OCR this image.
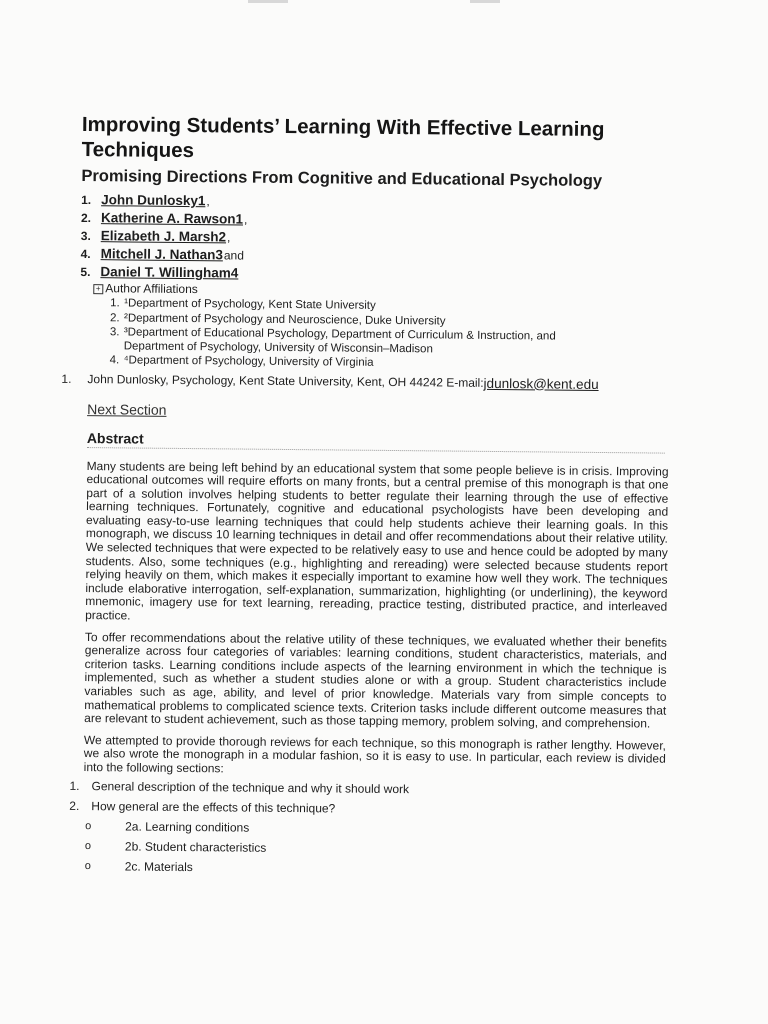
Improving Students’ Learning With Effective Learning Techniques
Promising Directions From Cognitive and Educational Psychology
1. John Dunlosky1 ,
2. Katherine A. Rawson1 ,
3. Elizabeth J. Marsh2 ,
4. Mitchell J. Nathan3 and
5. Daniel T. Willingham4
+ Author Affiliations
1. ¹Department of Psychology, Kent State University
2. ²Department of Psychology and Neuroscience, Duke University
3. ³Department of Educational Psychology, Department of Curriculum & Instruction, and Department of Psychology, University of Wisconsin–Madison
4. ⁴Department of Psychology, University of Virginia
1.	John Dunlosky, Psychology, Kent State University, Kent, OH 44242 E-mail: jdunlosk@kent.edu
Next Section
Abstract

Many students are being left behind by an educational system that some people believe is in crisis. Improving educational outcomes will require efforts on many fronts, but a central premise of this monograph is that one part of a solution involves helping students to better regulate their learning through the use of effective learning techniques. Fortunately, cognitive and educational psychologists have been developing and evaluating easy-to-use learning techniques that could help students achieve their learning goals. In this monograph, we discuss 10 learning techniques in detail and offer recommendations about their relative utility. We selected techniques that were expected to be relatively easy to use and hence could be adopted by many students. Also, some techniques (e.g., highlighting and rereading) were selected because students report relying heavily on them, which makes it especially important to examine how well they work. The techniques include elaborative interrogation, self-explanation, summarization, highlighting (or underlining), the keyword mnemonic, imagery use for text learning, rereading, practice testing, distributed practice, and interleaved practice.

To offer recommendations about the relative utility of these techniques, we evaluated whether their benefits generalize across four categories of variables: learning conditions, student characteristics, materials, and criterion tasks. Learning conditions include aspects of the learning environment in which the technique is implemented, such as whether a student studies alone or with a group. Student characteristics include variables such as age, ability, and level of prior knowledge. Materials vary from simple concepts to mathematical problems to complicated science texts. Criterion tasks include different outcome measures that are relevant to student achievement, such as those tapping memory, problem solving, and comprehension.

We attempted to provide thorough reviews for each technique, so this monograph is rather lengthy. However, we also wrote the monograph in a modular fashion, so it is easy to use. In particular, each review is divided into the following sections:

1. General description of the technique and why it should work
2. How general are the effects of this technique?
o	2a. Learning conditions
o	2b. Student characteristics
o	2c. Materials
